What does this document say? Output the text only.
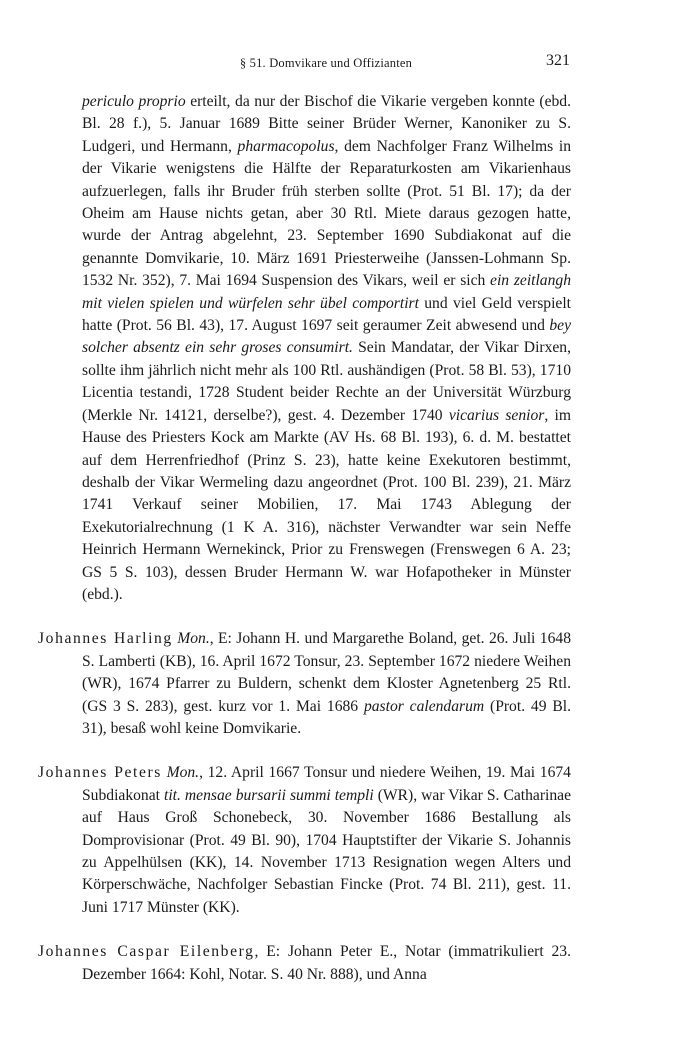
§ 51. Domvikare und Offizianten	321

periculo proprio erteilt, da nur der Bischof die Vikarie vergeben konnte (ebd. Bl. 28 f.), 5. Januar 1689 Bitte seiner Brüder Werner, Kanoniker zu S. Ludgeri, und Hermann, pharmacopolus, dem Nachfolger Franz Wilhelms in der Vikarie wenigstens die Hälfte der Reparaturkosten am Vikarienhaus aufzuerlegen, falls ihr Bruder früh sterben sollte (Prot. 51 Bl. 17); da der Oheim am Hause nichts getan, aber 30 Rtl. Miete daraus gezogen hatte, wurde der Antrag abgelehnt, 23. September 1690 Subdiakonat auf die genannte Domvikarie, 10. März 1691 Priesterweihe (Janssen-Lohmann Sp. 1532 Nr. 352), 7. Mai 1694 Suspension des Vikars, weil er sich ein zeitlangh mit vielen spielen und würfelen sehr übel comportirt und viel Geld verspielt hatte (Prot. 56 Bl. 43), 17. August 1697 seit geraumer Zeit abwesend und bey solcher absentz ein sehr groses consumirt. Sein Mandatar, der Vikar Dirxen, sollte ihm jährlich nicht mehr als 100 Rtl. aushändigen (Prot. 58 Bl. 53), 1710 Licentia testandi, 1728 Student beider Rechte an der Universität Würzburg (Merkle Nr. 14121, derselbe?), gest. 4. Dezember 1740 vicarius senior, im Hause des Priesters Kock am Markte (AV Hs. 68 Bl. 193), 6. d. M. bestattet auf dem Herrenfriedhof (Prinz S. 23), hatte keine Exekutoren bestimmt, deshalb der Vikar Wermeling dazu angeordnet (Prot. 100 Bl. 239), 21. März 1741 Verkauf seiner Mobilien, 17. Mai 1743 Ablegung der Exekutorialrechnung (1 K A. 316), nächster Verwandter war sein Neffe Heinrich Hermann Wernekinck, Prior zu Frenswegen (Frenswegen 6 A. 23; GS 5 S. 103), dessen Bruder Hermann W. war Hofapotheker in Münster (ebd.).

Johannes Harling Mon., E: Johann H. und Margarethe Boland, get. 26. Juli 1648 S. Lamberti (KB), 16. April 1672 Tonsur, 23. September 1672 niedere Weihen (WR), 1674 Pfarrer zu Buldern, schenkt dem Kloster Agnetenberg 25 Rtl. (GS 3 S. 283), gest. kurz vor 1. Mai 1686 pastor calendarum (Prot. 49 Bl. 31), besaß wohl keine Domvikarie.

Johannes Peters Mon., 12. April 1667 Tonsur und niedere Weihen, 19. Mai 1674 Subdiakonat tit. mensae bursarii summi templi (WR), war Vikar S. Catharinae auf Haus Groß Schonebeck, 30. November 1686 Bestallung als Domprovisionar (Prot. 49 Bl. 90), 1704 Hauptstifter der Vikarie S. Johannis zu Appelhülsen (KK), 14. November 1713 Resignation wegen Alters und Körperschwäche, Nachfolger Sebastian Fincke (Prot. 74 Bl. 211), gest. 11. Juni 1717 Münster (KK).

Johannes Caspar Eilenberg, E: Johann Peter E., Notar (immatrikuliert 23. Dezember 1664: Kohl, Notar. S. 40 Nr. 888), und Anna
